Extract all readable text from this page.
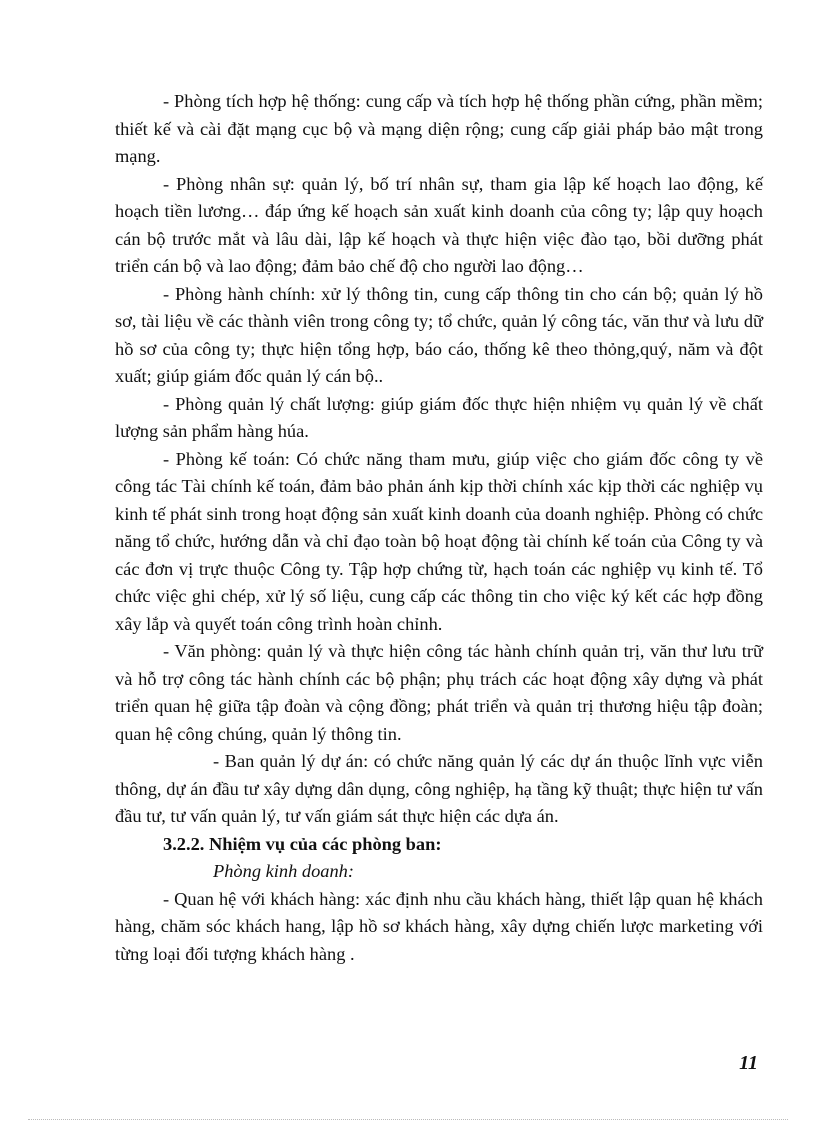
- Phòng tích hợp hệ thống: cung cấp và tích hợp hệ thống phần cứng, phần mềm; thiết kế và cài đặt mạng cục bộ và mạng diện rộng; cung cấp giải pháp bảo mật trong mạng.

- Phòng nhân sự: quản lý, bố trí nhân sự, tham gia lập kế hoạch lao động, kế hoạch tiền lương… đáp ứng kế hoạch sản xuất kinh doanh của công ty; lập quy hoạch cán bộ trước mắt và lâu dài, lập kế hoạch và thực hiện việc đào tạo, bồi dưỡng phát triển cán bộ và lao động; đảm bảo chế độ cho người lao động…

- Phòng hành chính: xử lý thông tin, cung cấp thông tin cho cán bộ; quản lý hồ sơ, tài liệu về các thành viên trong công ty; tổ chức, quản lý công tác, văn thư và lưu dữ hồ sơ của công ty; thực hiện tổng hợp, báo cáo, thống kê theo thỏng,quý, năm và đột xuất; giúp giám đốc quản lý cán bộ..

- Phòng quản lý chất lượng: giúp giám đốc thực hiện nhiệm vụ quản lý về chất lượng sản phẩm hàng húa.

- Phòng kế toán: Có chức năng tham mưu, giúp việc cho giám đốc công ty về công tác Tài chính kế toán, đảm bảo phản ánh kịp thời chính xác kịp thời các nghiệp vụ kinh tế phát sinh trong hoạt động sản xuất kinh doanh của doanh nghiệp. Phòng có chức năng tổ chức, hướng dẫn và chỉ đạo toàn bộ hoạt động tài chính kế toán của Công ty và các đơn vị trực thuộc Công ty. Tập hợp chứng từ, hạch toán các nghiệp vụ kinh tế. Tổ chức việc ghi chép, xử lý số liệu, cung cấp các thông tin cho việc ký kết các hợp đồng xây lắp và quyết toán công trình hoàn chỉnh.

- Văn phòng: quản lý và thực hiện công tác hành chính quản trị, văn thư lưu trữ và hỗ trợ công tác hành chính các bộ phận; phụ trách các hoạt động xây dựng và phát triển quan hệ giữa tập đoàn và cộng đồng; phát triển và quản trị thương hiệu tập đoàn; quan hệ công chúng, quản lý thông tin.

- Ban quản lý dự án: có chức năng quản lý các dự án thuộc lĩnh vực viễn thông, dự án đầu tư xây dựng dân dụng, công nghiệp, hạ tầng kỹ thuật; thực hiện tư vấn đầu tư, tư vấn quản lý, tư vấn giám sát thực hiện các dựa án.

3.2.2. Nhiệm vụ của các phòng ban:

Phòng kinh doanh:

- Quan hệ với khách hàng: xác định nhu cầu khách hàng, thiết lập quan hệ khách hàng, chăm sóc khách hang, lập hồ sơ khách hàng, xây dựng chiến lược marketing với từng loại đối tượng khách hàng .

11
